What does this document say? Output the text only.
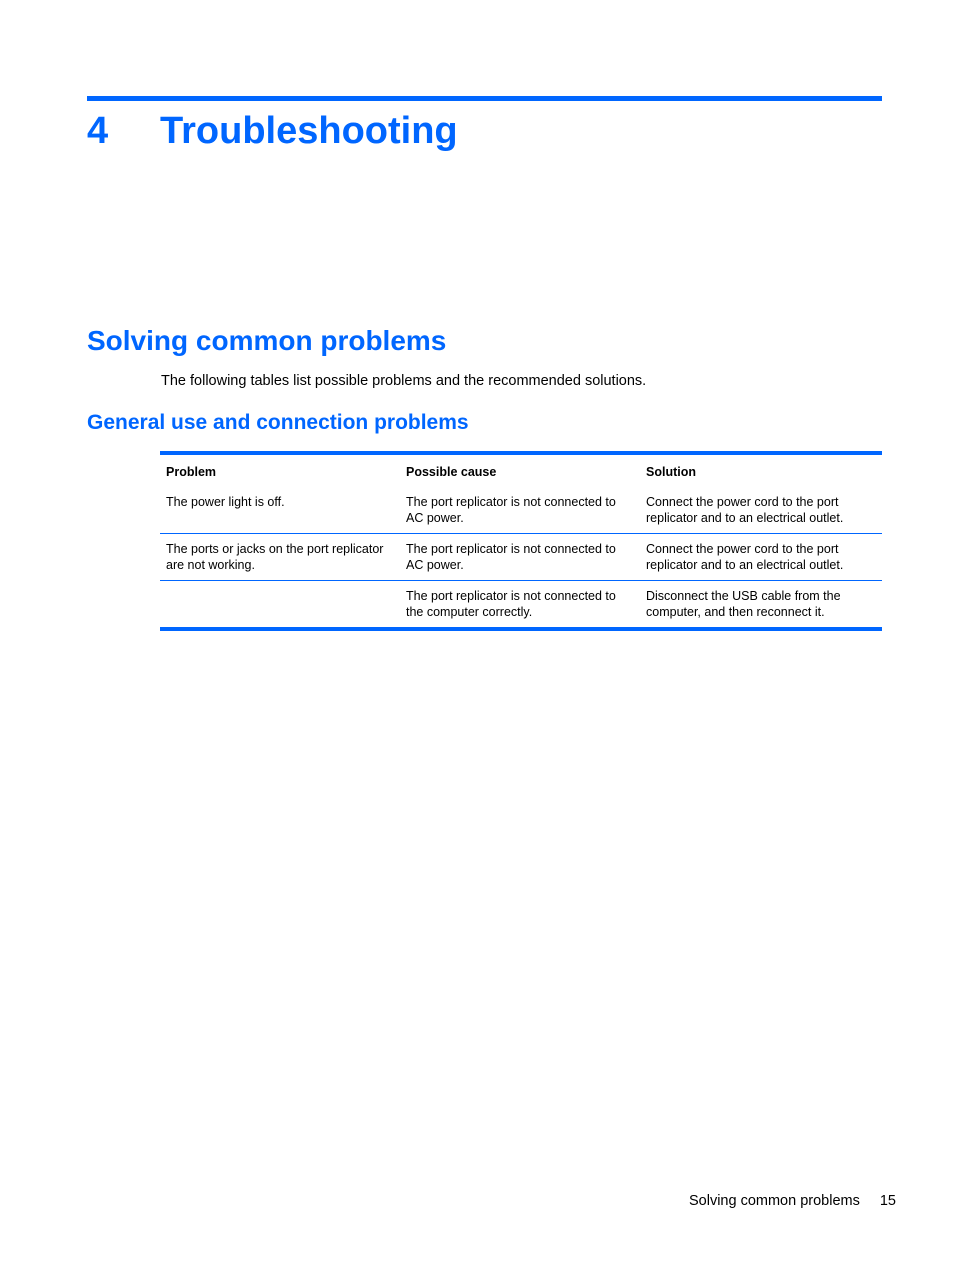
4	Troubleshooting
Solving common problems

The following tables list possible problems and the recommended solutions.

General use and connection problems
Problem	Possible cause	Solution
The power light is off.	The port replicator is not connected to AC power.	Connect the power cord to the port replicator and to an electrical outlet.
The ports or jacks on the port replicator are not working.	The port replicator is not connected to AC power.	Connect the power cord to the port replicator and to an electrical outlet.
	The port replicator is not connected to the computer correctly.	Disconnect the USB cable from the computer, and then reconnect it.
Solving common problems 15
